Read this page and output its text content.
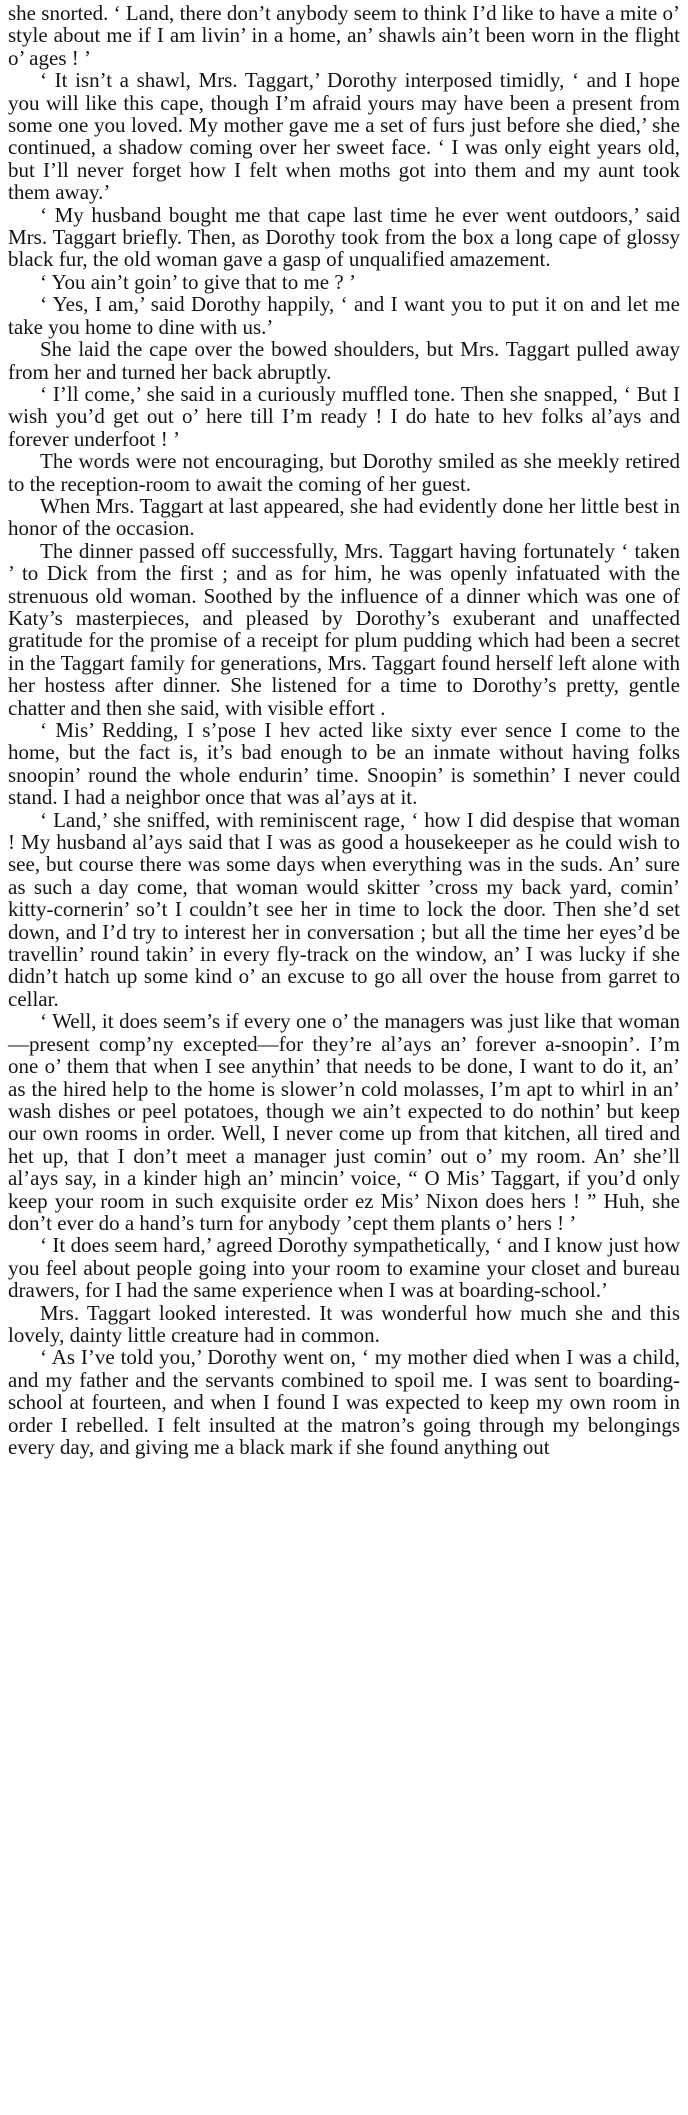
she snorted. ‘ Land, there don’t anybody seem to think I’d like to have a mite o’ style about me if I am livin’ in a home, an’ shawls ain’t been worn in the flight o’ ages ! ’

‘ It isn’t a shawl, Mrs. Taggart,’ Dorothy interposed timidly, ‘ and I hope you will like this cape, though I’m afraid yours may have been a present from some one you loved. My mother gave me a set of furs just before she died,’ she continued, a shadow coming over her sweet face. ‘ I was only eight years old, but I’ll never forget how I felt when moths got into them and my aunt took them away.’

‘ My husband bought me that cape last time he ever went outdoors,’ said Mrs. Taggart briefly. Then, as Dorothy took from the box a long cape of glossy black fur, the old woman gave a gasp of unqualified amazement.

‘ You ain’t goin’ to give that to me ? ’

‘ Yes, I am,’ said Dorothy happily, ‘ and I want you to put it on and let me take you home to dine with us.’

She laid the cape over the bowed shoulders, but Mrs. Taggart pulled away from her and turned her back abruptly.

‘ I’ll come,’ she said in a curiously muffled tone. Then she snapped, ‘ But I wish you’d get out o’ here till I’m ready ! I do hate to hev folks al’ays and forever underfoot ! ’

The words were not encouraging, but Dorothy smiled as she meekly retired to the reception-room to await the coming of her guest.

When Mrs. Taggart at last appeared, she had evidently done her little best in honor of the occasion.

The dinner passed off successfully, Mrs. Taggart having fortunately ‘ taken ’ to Dick from the first ; and as for him, he was openly infatuated with the strenuous old woman. Soothed by the influence of a dinner which was one of Katy’s masterpieces, and pleased by Dorothy’s exuberant and unaffected gratitude for the promise of a receipt for plum pudding which had been a secret in the Taggart family for generations, Mrs. Taggart found herself left alone with her hostess after dinner. She listened for a time to Dorothy’s pretty, gentle chatter and then she said, with visible effort .

‘ Mis’ Redding, I s’pose I hev acted like sixty ever sence I come to the home, but the fact is, it’s bad enough to be an inmate without having folks snoopin’ round the whole endurin’ time. Snoopin’ is somethin’ I never could stand. I had a neighbor once that was al’ays at it.

‘ Land,’ she sniffed, with reminiscent rage, ‘ how I did despise that woman ! My husband al’ays said that I was as good a housekeeper as he could wish to see, but course there was some days when everything was in the suds. An’ sure as such a day come, that woman would skitter ’cross my back yard, comin’ kitty-cornerin’ so’t I couldn’t see her in time to lock the door. Then she’d set down, and I’d try to interest her in conversation ; but all the time her eyes’d be travellin’ round takin’ in every fly-track on the window, an’ I was lucky if she didn’t hatch up some kind o’ an excuse to go all over the house from garret to cellar.

‘ Well, it does seem’s if every one o’ the managers was just like that woman—present comp’ny excepted—for they’re al’ays an’ forever a-snoopin’. I’m one o’ them that when I see anythin’ that needs to be done, I want to do it, an’ as the hired help to the home is slower’n cold molasses, I’m apt to whirl in an’ wash dishes or peel potatoes, though we ain’t expected to do nothin’ but keep our own rooms in order. Well, I never come up from that kitchen, all tired and het up, that I don’t meet a manager just comin’ out o’ my room. An’ she’ll al’ays say, in a kinder high an’ mincin’ voice, “ O Mis’ Taggart, if you’d only keep your room in such exquisite order ez Mis’ Nixon does hers ! ” Huh, she don’t ever do a hand’s turn for anybody ’cept them plants o’ hers ! ’

‘ It does seem hard,’ agreed Dorothy sympathetically, ‘ and I know just how you feel about people going into your room to examine your closet and bureau drawers, for I had the same experience when I was at boarding-school.’

Mrs. Taggart looked interested. It was wonderful how much she and this lovely, dainty little creature had in common.

‘ As I’ve told you,’ Dorothy went on, ‘ my mother died when I was a child, and my father and the servants combined to spoil me. I was sent to boarding-school at fourteen, and when I found I was expected to keep my own room in order I rebelled. I felt insulted at the matron’s going through my belongings every day, and giving me a black mark if she found anything out
